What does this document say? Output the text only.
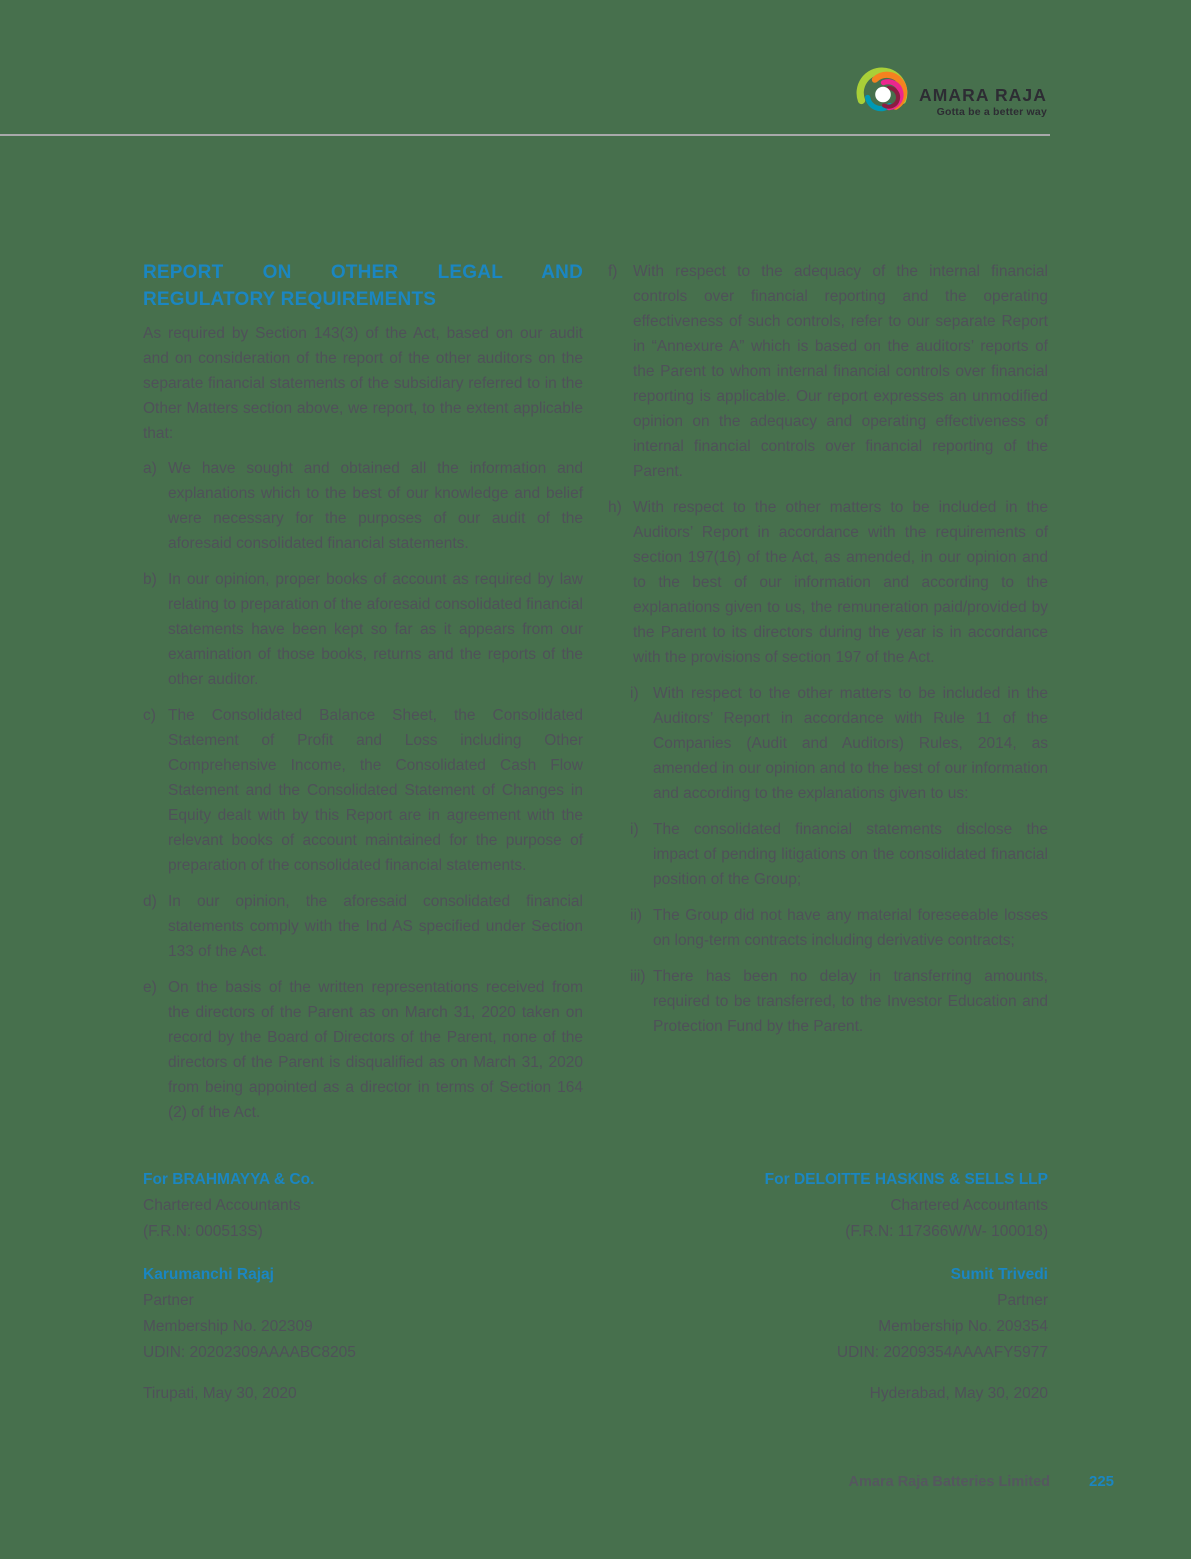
AMARA RAJA
Gotta be a better way
REPORT ON OTHER LEGAL AND REGULATORY REQUIREMENTS

As required by Section 143(3) of the Act, based on our audit and on consideration of the report of the other auditors on the separate financial statements of the subsidiary referred to in the Other Matters section above, we report, to the extent applicable that:

a) We have sought and obtained all the information and explanations which to the best of our knowledge and belief were necessary for the purposes of our audit of the aforesaid consolidated financial statements.
b) In our opinion, proper books of account as required by law relating to preparation of the aforesaid consolidated financial statements have been kept so far as it appears from our examination of those books, returns and the reports of the other auditor.
c) The Consolidated Balance Sheet, the Consolidated Statement of Profit and Loss including Other Comprehensive Income, the Consolidated Cash Flow Statement and the Consolidated Statement of Changes in Equity dealt with by this Report are in agreement with the relevant books of account maintained for the purpose of preparation of the consolidated financial statements.
d) In our opinion, the aforesaid consolidated financial statements comply with the Ind AS specified under Section 133 of the Act.
e) On the basis of the written representations received from the directors of the Parent as on March 31, 2020 taken on record by the Board of Directors of the Parent, none of the directors of the Parent is disqualified as on March 31, 2020 from being appointed as a director in terms of Section 164 (2) of the Act.
f)	With respect to the adequacy of the internal financial controls over financial reporting and the operating effectiveness of such controls, refer to our separate Report in “Annexure A” which is based on the auditors’ reports of the Parent to whom internal financial controls over financial reporting is applicable. Our report expresses an unmodified opinion on the adequacy and operating effectiveness of internal financial controls over financial reporting of the Parent.
h) With respect to the other matters to be included in the Auditors’ Report in accordance with the requirements of section 197(16) of the Act, as amended, in our opinion and to the best of our information and according to the explanations given to us, the remuneration paid/provided by the Parent to its directors during the year is in accordance with the provisions of section 197 of the Act.
i) With respect to the other matters to be included in the Auditors’ Report in accordance with Rule 11 of the Companies (Audit and Auditors) Rules, 2014, as amended in our opinion and to the best of our information and according to the explanations given to us:
i) The consolidated financial statements disclose the impact of pending litigations on the consolidated financial position of the Group;
ii) The Group did not have any material foreseeable losses on long-term contracts including derivative contracts;
iii) There has been no delay in transferring amounts, required to be transferred, to the Investor Education and Protection Fund by the Parent.
For BRAHMAYYA & Co.
Chartered Accountants
(F.R.N: 000513S)
Karumanchi Rajaj
Partner
Membership No. 202309
UDIN: 20202309AAAABC8205
Tirupati, May 30, 2020
For DELOITTE HASKINS & SELLS LLP
Chartered Accountants
(F.R.N: 117366W/W- 100018)
Sumit Trivedi
Partner
Membership No. 209354
UDIN: 20209354AAAAFY5977
Hyderabad, May 30, 2020
Amara Raja Batteries Limited	225
